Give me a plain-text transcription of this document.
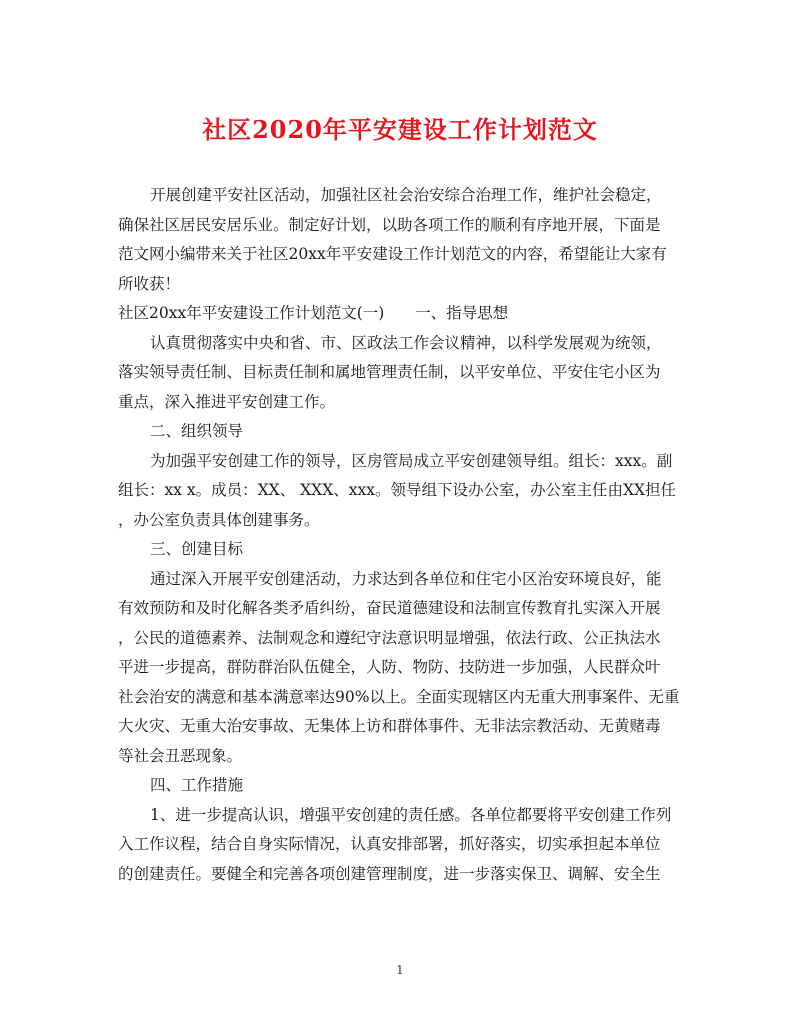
社区2020年平安建设工作计划范文
开展创建平安社区活动，加强社区社会治安综合治理工作，维护社会稳定，
确保社区居民安居乐业。制定好计划，以助各项工作的顺利有序地开展，下面是
范文网小编带来关于社区20xx年平安建设工作计划范文的内容，希望能让大家有
所收获！
社区20xx年平安建设工作计划范文(一)　　一、指导思想
认真贯彻落实中央和省、市、区政法工作会议精神，以科学发展观为统领，
落实领导责任制、目标责任制和属地管理责任制，以平安单位、平安住宅小区为
重点，深入推进平安创建工作。
二、组织领导
为加强平安创建工作的领导，区房管局成立平安创建领导组。组长：xxx。副
组长：xx x。成员：XX、 XXX、xxx。领导组下设办公室，办公室主任由XX担任
，办公室负责具体创建事务。
三、创建目标
通过深入开展平安创建活动，力求达到各单位和住宅小区治安环境良好，能
有效预防和及时化解各类矛盾纠纷，奋民道德建设和法制宣传教育扎实深入开展
，公民的道德素养、法制观念和遵纪守法意识明显增强，依法行政、公正执法水
平进一步提高，群防群治队伍健全，人防、物防、技防进一步加强，人民群众叶
社会治安的满意和基本满意率达90%以上。全面实现辖区内无重大刑事案件、无重
大火灾、无重大治安事故、无集体上访和群体事件、无非法宗教活动、无黄赌毒
等社会丑恶现象。
四、工作措施
1、进一步提高认识，增强平安创建的责任感。各单位都要将平安创建工作列
入工作议程，结合自身实际情况，认真安排部署，抓好落实，切实承担起本单位
的创建责任。要健全和完善各项创建管理制度，进一步落实保卫、调解、安全生
1
